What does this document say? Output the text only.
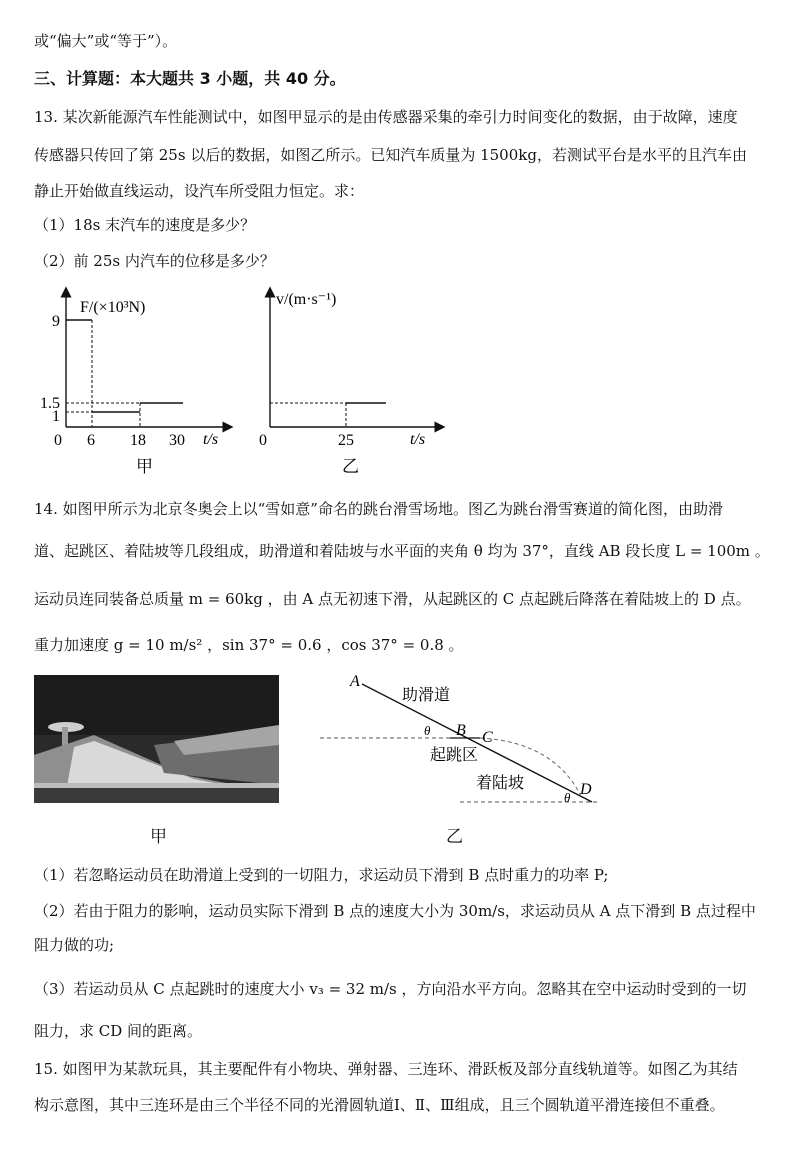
或“偏大”或“等于”）。
三、计算题：本大题共 3 小题，共 40 分。
13. 某次新能源汽车性能测试中，如图甲显示的是由传感器采集的牵引力时间变化的数据，由于故障，速度
传感器只传回了第 25s 以后的数据，如图乙所示。已知汽车质量为 1500kg，若测试平台是水平的且汽车由
静止开始做直线运动，设汽车所受阻力恒定。求：
（1）18s 末汽车的速度是多少？
（2）前 25s 内汽车的位移是多少？
F/(×10³N)
9
1.5
1
0 6 18 30 t/s
甲
v/(m·s⁻¹)
0	25	t/s
乙
14. 如图甲所示为北京冬奥会上以“雪如意”命名的跳台滑雪场地。图乙为跳台滑雪赛道的简化图，由助滑
道、起跳区、着陆坡等几段组成，助滑道和着陆坡与水平面的夹角 θ 均为 37°，直线 AB 段长度 L = 100m 。
运动员连同装备总质量 m = 60kg ，由 A 点无初速下滑，从起跳区的 C 点起跳后降落在着陆坡上的 D 点。
重力加速度 g = 10 m/s² ，sin 37° = 0.6 ，cos 37° = 0.8 。
A
助滑道
θ B C
起跳区
着陆坡
θ D
甲	乙
（1）若忽略运动员在助滑道上受到的一切阻力，求运动员下滑到 B 点时重力的功率 P;
（2）若由于阻力的影响，运动员实际下滑到 B 点的速度大小为 30m/s，求运动员从 A 点下滑到 B 点过程中
阻力做的功;
（3）若运动员从 C 点起跳时的速度大小 v₃ = 32 m/s ，方向沿水平方向。忽略其在空中运动时受到的一切
阻力，求 CD 间的距离。
15. 如图甲为某款玩具，其主要配件有小物块、弹射器、三连环、滑跃板及部分直线轨道等。如图乙为其结
构示意图，其中三连环是由三个半径不同的光滑圆轨道Ⅰ、Ⅱ、Ⅲ组成，且三个圆轨道平滑连接但不重叠。
